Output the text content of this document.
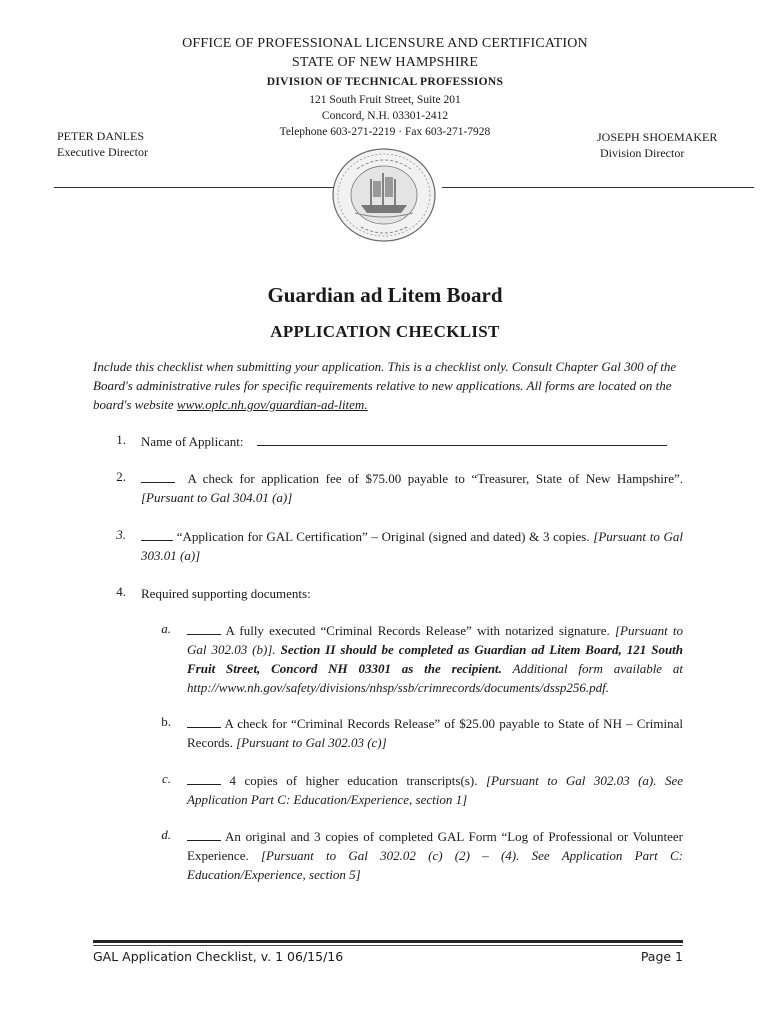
OFFICE OF PROFESSIONAL LICENSURE AND CERTIFICATION
STATE OF NEW HAMPSHIRE
DIVISION OF TECHNICAL PROFESSIONS
121 South Fruit Street, Suite 201
Concord, N.H. 03301-2412
Telephone 603-271-2219 · Fax 603-271-7928
PETER DANLES
Executive Director
JOSEPH SHOEMAKER
Division Director
Guardian ad Litem Board
APPLICATION CHECKLIST
Include this checklist when submitting your application. This is a checklist only. Consult Chapter Gal 300 of the Board's administrative rules for specific requirements relative to new applications. All forms are located on the board's website www.oplc.nh.gov/guardian-ad-litem.
1. Name of Applicant:
2.	A check for application fee of $75.00 payable to “Treasurer, State of New Hampshire”. [Pursuant to Gal 304.01 (a)]
3.	“Application for GAL Certification” – Original (signed and dated) & 3 copies. [Pursuant to Gal 303.01 (a)]
4. Required supporting documents:
a.	A fully executed “Criminal Records Release” with notarized signature. [Pursuant to Gal 302.03 (b)]. Section II should be completed as Guardian ad Litem Board, 121 South Fruit Street, Concord NH 03301 as the recipient. Additional form available at http://www.nh.gov/safety/divisions/nhsp/ssb/crimrecords/documents/dssp256.pdf.
b.	A check for “Criminal Records Release” of $25.00 payable to State of NH – Criminal Records. [Pursuant to Gal 302.03 (c)]
c.	4 copies of higher education transcripts(s). [Pursuant to Gal 302.03 (a). See Application Part C: Education/Experience, section 1]
d.	An original and 3 copies of completed GAL Form “Log of Professional or Volunteer Experience. [Pursuant to Gal 302.02 (c) (2) – (4). See Application Part C: Education/Experience, section 5]
GAL Application Checklist, v. 1 06/15/16	Page 1
